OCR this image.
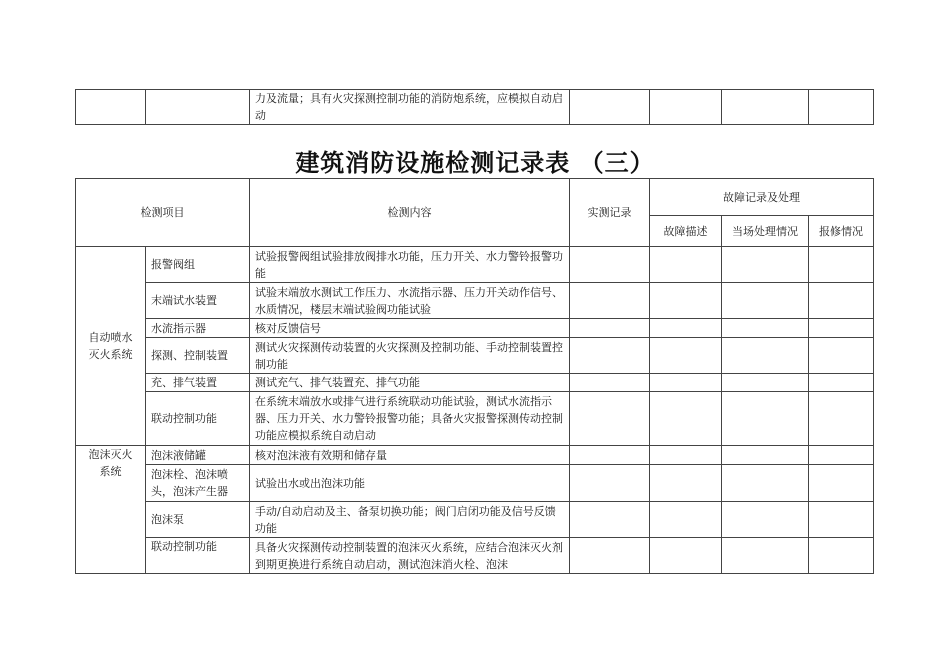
		力及流量；具有火灾探测控制功能的消防炮系统，应模拟自动启动				
建筑消防设施检测记录表 （三）
检测项目		检测内容	实测记录	故障记录及处理		
				故障描述	当场处理情况	报修情况

自动喷水
灭火系统	报警阀组	试验报警阀组试验排放阀排水功能，压力开关、水力警铃报警功能				
	末端试水装置	试验末端放水测试工作压力、水流指示器、压力开关动作信号、水质情况，楼层末端试验阀功能试验				
	水流指示器	核对反馈信号				
	探测、控制装置	测试火灾探测传动装置的火灾探测及控制功能、手动控制装置控制功能				
	充、排气装置	测试充气、排气装置充、排气功能				
	联动控制功能	在系统末端放水或排气进行系统联动功能试验，测试水流指示器、压力开关、水力警铃报警功能；具备火灾报警探测传动控制功能应模拟系统自动启动				

泡沫灭火
系统	泡沫液储罐	核对泡沫液有效期和储存量				
	泡沫栓、泡沫喷头，泡沫产生器	试验出水或出泡沫功能				
	泡沫泵	手动/自动启动及主、备泵切换功能；阀门启闭功能及信号反馈功能				
	联动控制功能	具备火灾探测传动控制装置的泡沫灭火系统，应结合泡沫灭火剂到期更换进行系统自动启动，测试泡沫消火栓、泡沫				
